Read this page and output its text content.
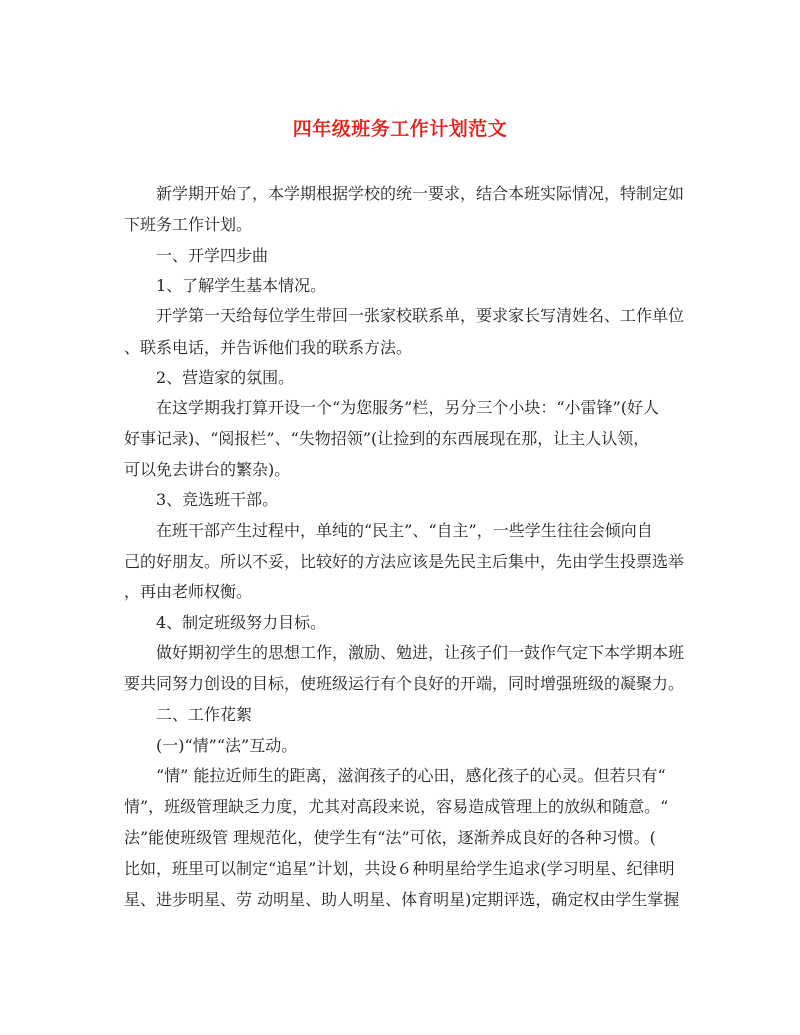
四年级班务工作计划范文
新学期开始了，本学期根据学校的统一要求，结合本班实际情况，特制定如
下班务工作计划。
一、开学四步曲
1、了解学生基本情况。
开学第一天给每位学生带回一张家校联系单，要求家长写清姓名、工作单位
、联系电话，并告诉他们我的联系方法。
2、营造家的氛围。
在这学期我打算开设一个“为您服务”栏，另分三个小块：“小雷锋”(好人
好事记录)、“阅报栏”、“失物招领”(让捡到的东西展现在那，让主人认领，
可以免去讲台的繁杂)。
3、竞选班干部。
在班干部产生过程中，单纯的“民主”、“自主”，一些学生往往会倾向自
己的好朋友。所以不妥，比较好的方法应该是先民主后集中，先由学生投票选举
，再由老师权衡。
4、制定班级努力目标。
做好期初学生的思想工作，激励、勉进，让孩子们一鼓作气定下本学期本班
要共同努力创设的目标，使班级运行有个良好的开端，同时增强班级的凝聚力。
二、工作花絮
(一)“情”“法”互动。
“情” 能拉近师生的距离，滋润孩子的心田，感化孩子的心灵。但若只有“
情”，班级管理缺乏力度，尤其对高段来说，容易造成管理上的放纵和随意。“
法”能使班级管 理规范化，使学生有“法”可依，逐渐养成良好的各种习惯。(
比如，班里可以制定“追星”计划，共设６种明星给学生追求(学习明星、纪律明
星、进步明星、劳 动明星、助人明星、体育明星)定期评选，确定权由学生掌握
